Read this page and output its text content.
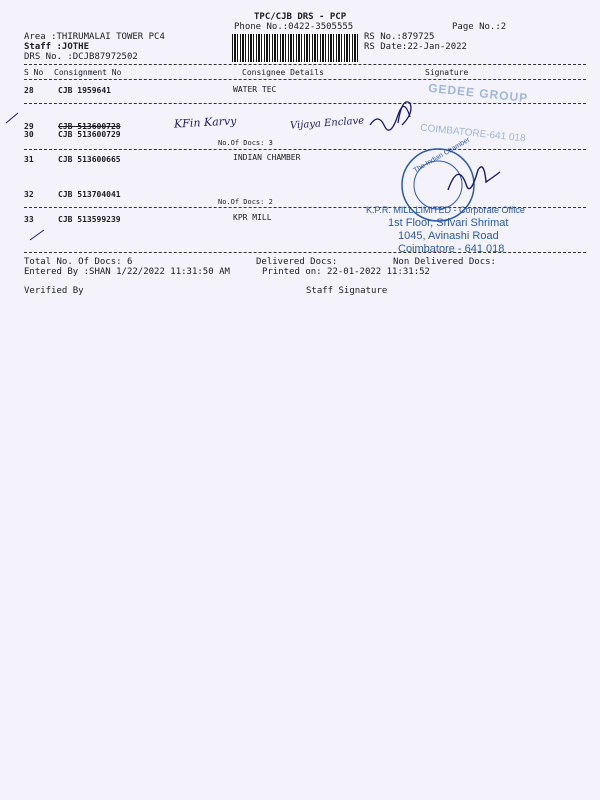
TPC/CJB DRS - PCP
Phone No.:0422-3505555	Page No.:2
RS No.:879725
RS Date:22-Jan-2022
Area :THIRUMALAI TOWER PC4
Staff :JOTHE
DRS No. :DCJB87972502
S No Consignment No	Consignee Details	Signature
28	CJB 1959641	WATER TEC
29	CJB 513600728
30	CJB 513600729
No.Of Docs: 3
KFin Karvy	Vijaya Enclave
GEDEE GROUP
COIMBATORE-641 018
31	CJB 513600665	INDIAN CHAMBER	The Indian Chamber
32	CJB 513704041
No.Of Docs: 2
33	CJB 513599239	KPR MILL
K.P.R. MILL LIMITED - Corporate Office
1st Floor, Srivari Shrimat
1045, Avinashi Road
Coimbatore - 641 018
Total No. Of Docs: 6	Delivered Docs:	Non Delivered Docs:
Entered By :SHAN 1/22/2022 11:31:50 AM	Printed on: 22-01-2022 11:31:52
Verified By	Staff Signature
